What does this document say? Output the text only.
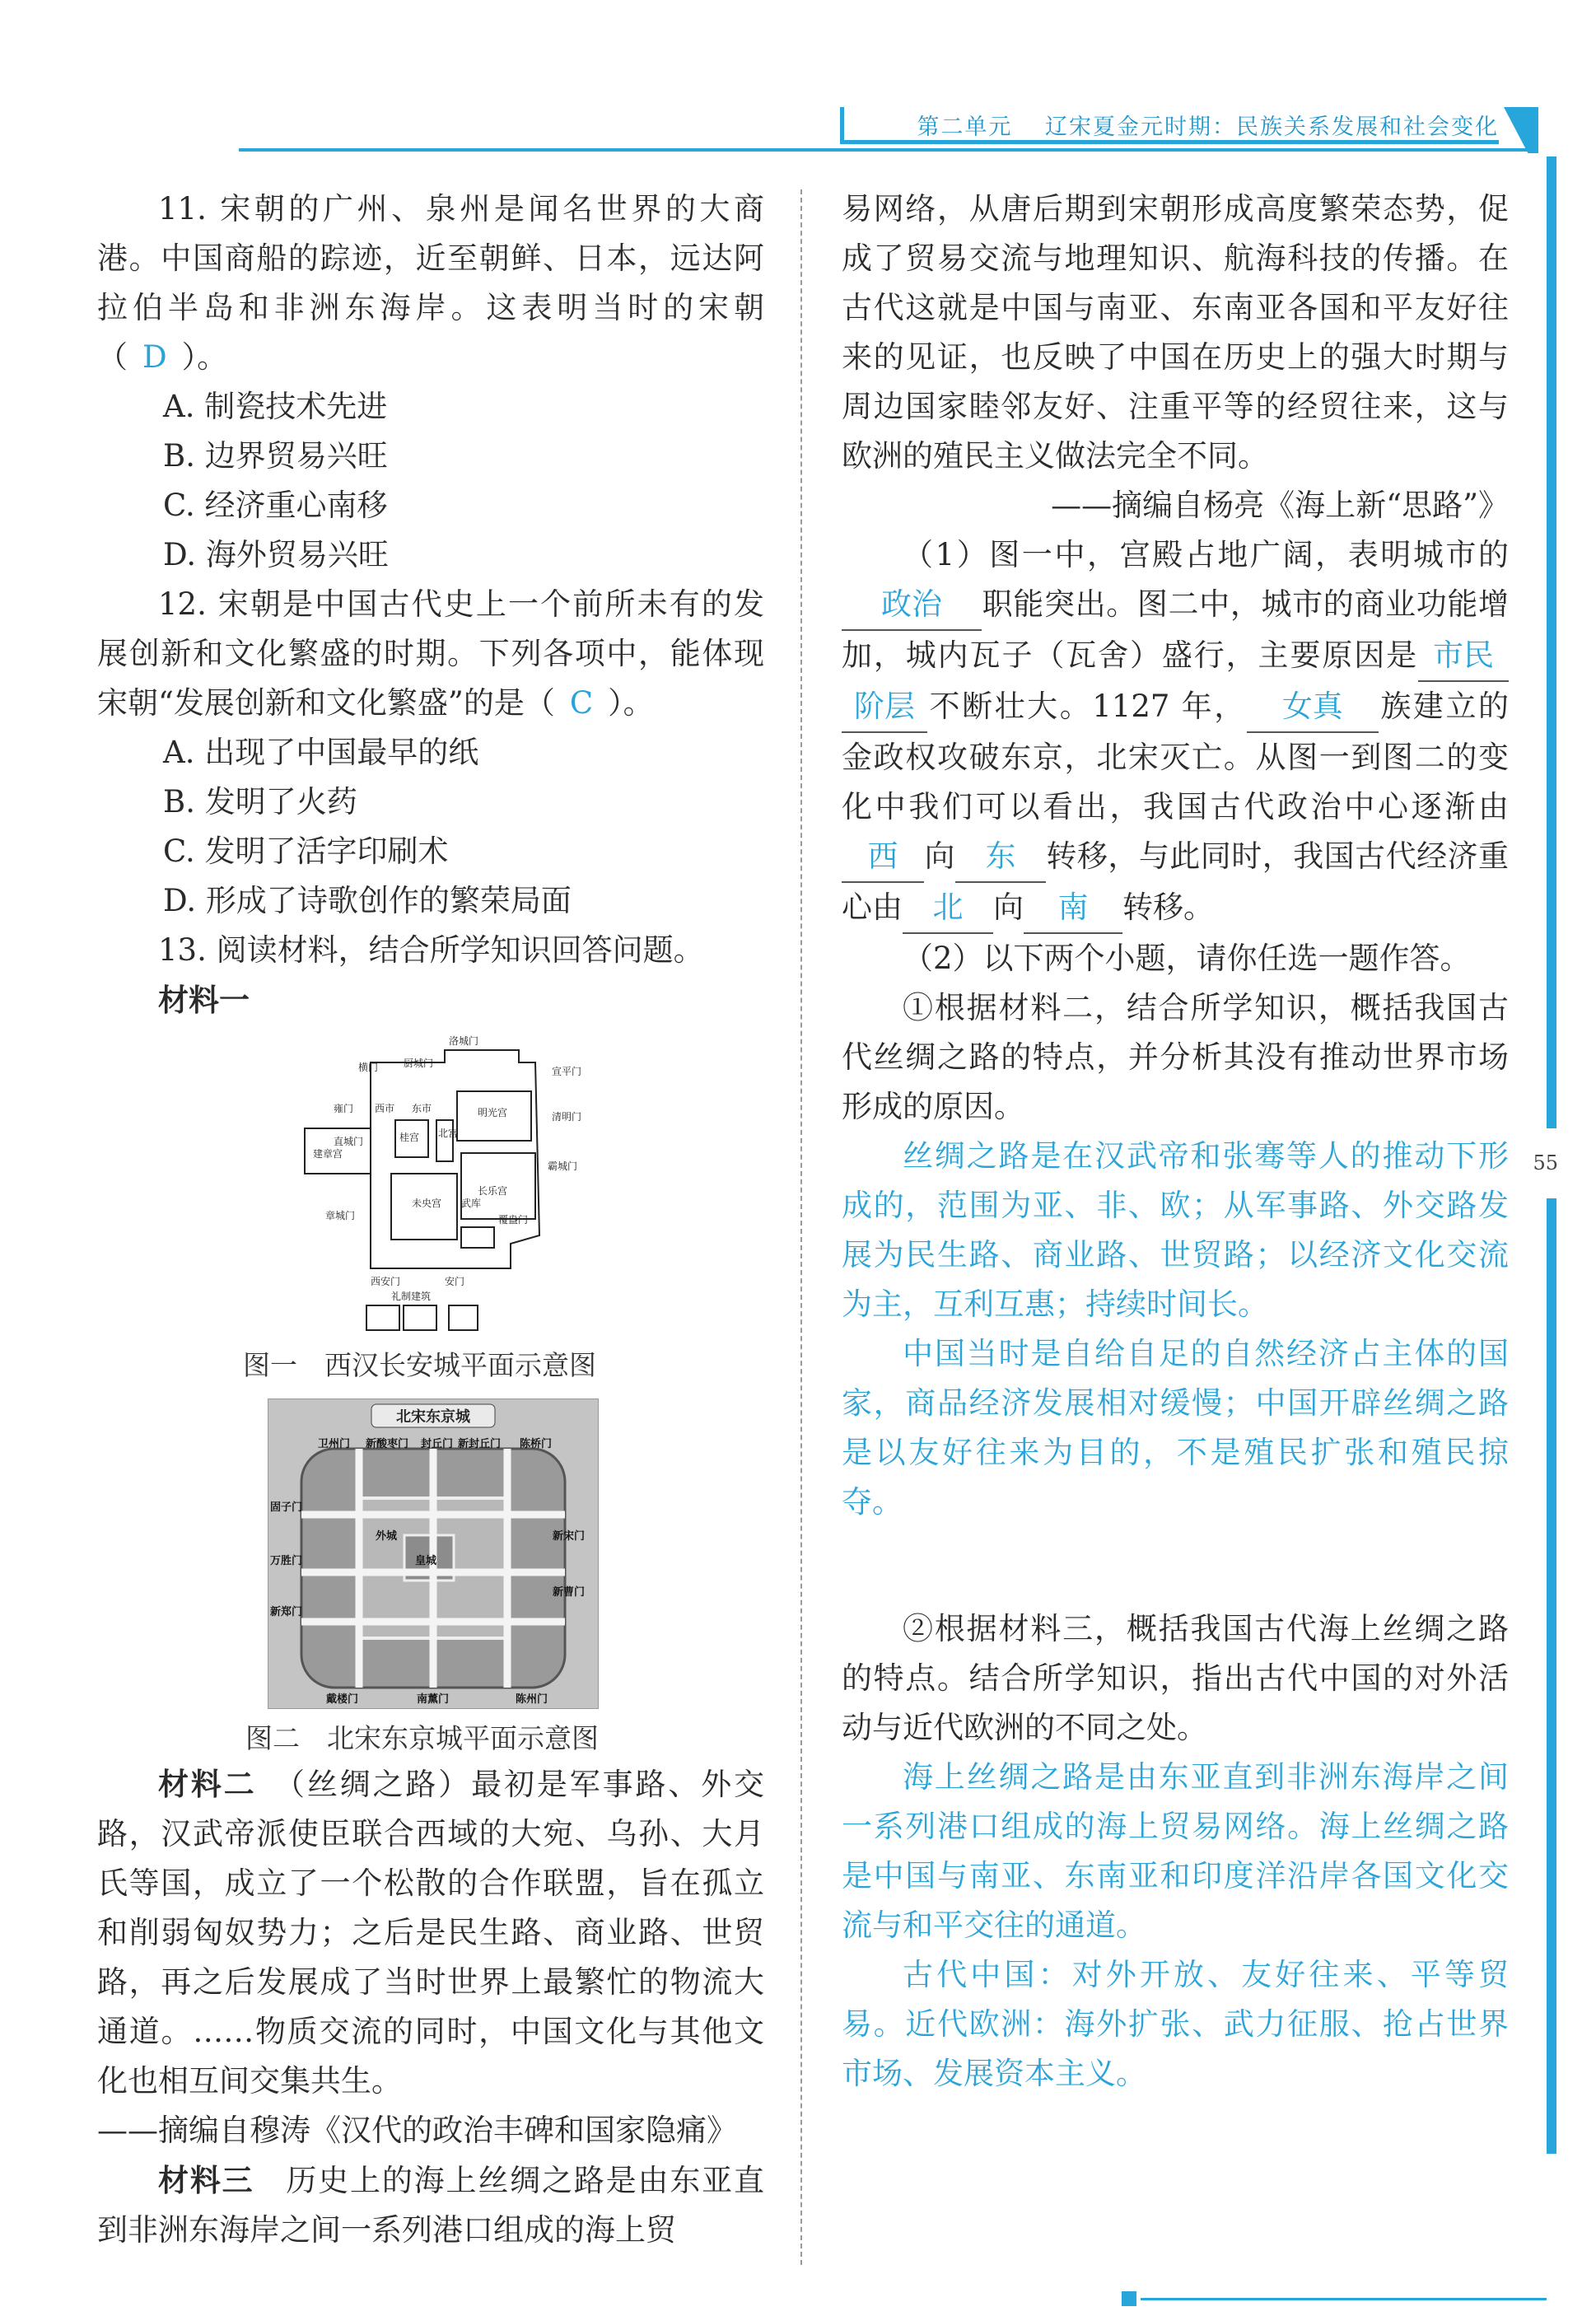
第二单元　 辽宋夏金元时期：民族关系发展和社会变化
55

11. 宋朝的广州、泉州是闻名世界的大商港。中国商船的踪迹，近至朝鲜、日本，远达阿拉伯半岛和非洲东海岸。这表明当时的宋朝（ D ）。

A. 制瓷技术先进

B. 边界贸易兴旺

C. 经济重心南移

D. 海外贸易兴旺

12. 宋朝是中国古代史上一个前所未有的发展创新和文化繁盛的时期。下列各项中，能体现宋朝“发展创新和文化繁盛”的是（ C ）。

A. 出现了中国最早的纸

B. 发明了火药

C. 发明了活字印刷术

D. 形成了诗歌创作的繁荣局面

13. 阅读材料，结合所学知识回答问题。

材料一

洛城门
横门	厨城门
宣平门
雍门 西市 东市	明光宫
桂宫 北宫
清明门
直城门
建章宫
长乐宫
霸城门
未央宫 武库
章城门	覆盎门
西安门	安门
礼制建筑
图一　西汉长安城平面示意图
北宋东京城
卫州门 新酸枣门 封丘门 新封丘门 陈桥门
固子门
万胜门
新郑门
外城
皇城
新宋门
新曹门
戴楼门	南薰门	陈州门
图二　北宋东京城平面示意图

材料二　 （丝绸之路）最初是军事路、外交路，汉武帝派使臣联合西域的大宛、乌孙、大月氏等国，成立了一个松散的合作联盟，旨在孤立和削弱匈奴势力；之后是民生路、商业路、世贸路，再之后发展成了当时世界上最繁忙的物流大通道。……物质交流的同时，中国文化与其他文化也相互间交集共生。

——摘编自穆涛《汉代的政治丰碑和国家隐痛》

材料三　 历史上的海上丝绸之路是由东亚直到非洲东海岸之间一系列港口组成的海上贸

易网络，从唐后期到宋朝形成高度繁荣态势，促成了贸易交流与地理知识、航海科技的传播。在古代这就是中国与南亚、东南亚各国和平友好往来的见证，也反映了中国在历史上的强大时期与周边国家睦邻友好、注重平等的经贸往来，这与欧洲的殖民主义做法完全不同。

——摘编自杨亮《海上新“思路”》

（1）图一中，宫殿占地广阔，表明城市的政治 职能突出。图二中，城市的商业功能增加，城内瓦子（瓦舍）盛行，主要原因是 市民阶层 不断壮大。1127 年， 女真 族建立的金政权攻破东京，北宋灭亡。从图一到图二的变化中我们可以看出，我国古代政治中心逐渐由西 向 东 转移，与此同时，我国古代经济重心由 北 向 南 转移。

（2）以下两个小题，请你任选一题作答。

①根据材料二，结合所学知识，概括我国古代丝绸之路的特点，并分析其没有推动世界市场形成的原因。

丝绸之路是在汉武帝和张骞等人的推动下形成的，范围为亚、非、欧；从军事路、外交路发展为民生路、商业路、世贸路；以经济文化交流为主，互利互惠；持续时间长。

中国当时是自给自足的自然经济占主体的国家，商品经济发展相对缓慢；中国开辟丝绸之路是以友好往来为目的，不是殖民扩张和殖民掠夺。

②根据材料三，概括我国古代海上丝绸之路的特点。结合所学知识，指出古代中国的对外活动与近代欧洲的不同之处。

海上丝绸之路是由东亚直到非洲东海岸之间一系列港口组成的海上贸易网络。海上丝绸之路是中国与南亚、东南亚和印度洋沿岸各国文化交流与和平交往的通道。

古代中国：对外开放、友好往来、平等贸易。近代欧洲：海外扩张、武力征服、抢占世界市场、发展资本主义。
